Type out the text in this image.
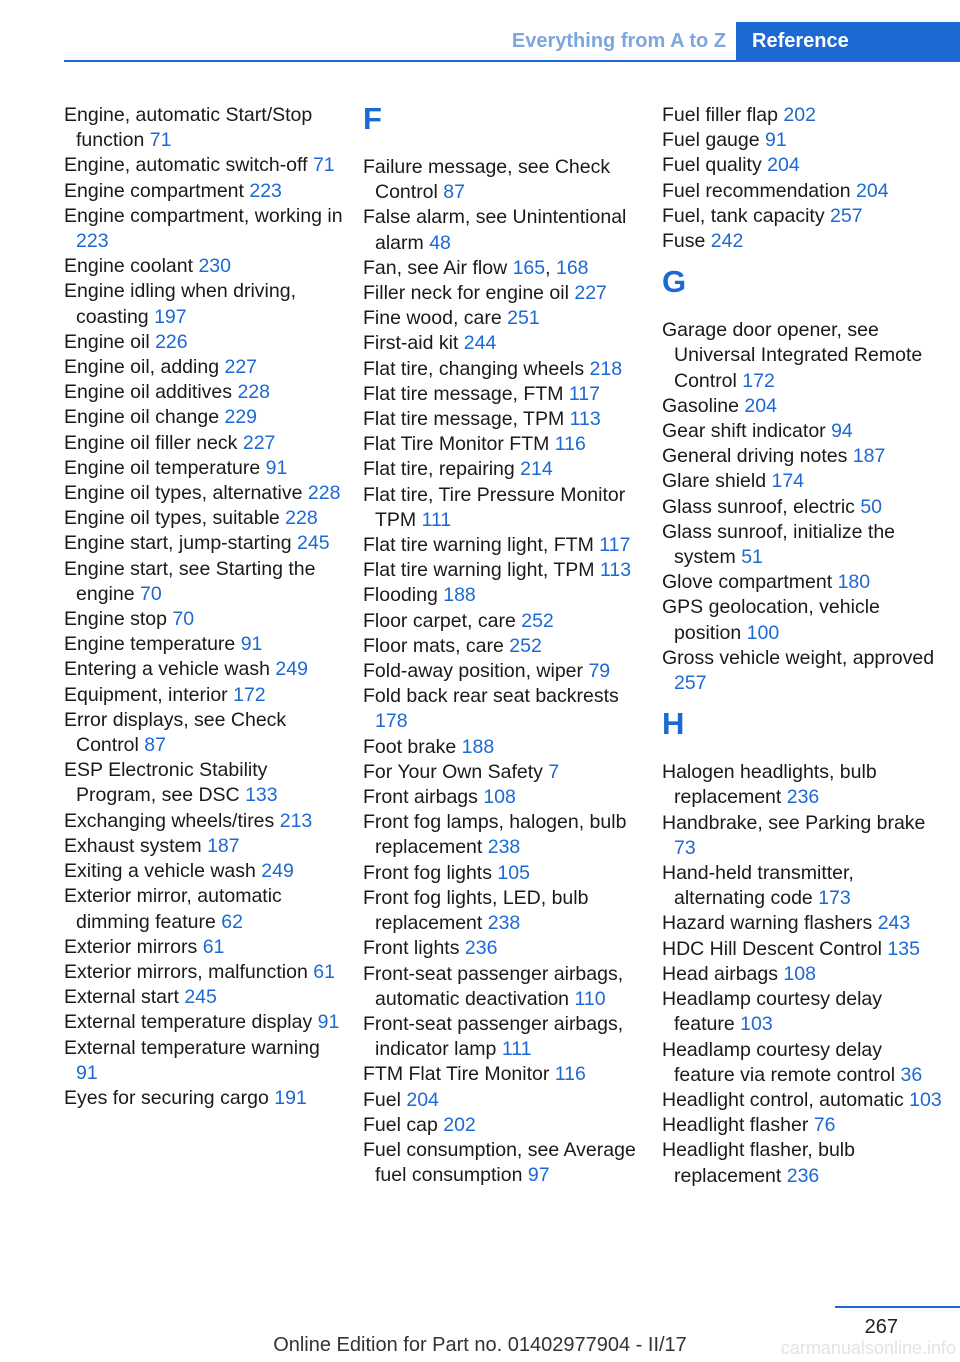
Everything from A to Z	Reference
Engine, automatic Start/Stop function 71
Engine, automatic switch-off 71
Engine compartment 223
Engine compartment, working in 223
Engine coolant 230
Engine idling when driving, coasting 197
Engine oil 226
Engine oil, adding 227
Engine oil additives 228
Engine oil change 229
Engine oil filler neck 227
Engine oil temperature 91
Engine oil types, alternative 228
Engine oil types, suitable 228
Engine start, jump-starting 245
Engine start, see Starting the engine 70
Engine stop 70
Engine temperature 91
Entering a vehicle wash 249
Equipment, interior 172
Error displays, see Check Control 87
ESP Electronic Stability Program, see DSC 133
Exchanging wheels/tires 213
Exhaust system 187
Exiting a vehicle wash 249
Exterior mirror, automatic dimming feature 62
Exterior mirrors 61
Exterior mirrors, malfunction 61
External start 245
External temperature display 91
External temperature warning 91
Eyes for securing cargo 191
F
Failure message, see Check Control 87
False alarm, see Unintentional alarm 48
Fan, see Air flow 165, 168
Filler neck for engine oil 227
Fine wood, care 251
First-aid kit 244
Flat tire, changing wheels 218
Flat tire message, FTM 117
Flat tire message, TPM 113
Flat Tire Monitor FTM 116
Flat tire, repairing 214
Flat tire, Tire Pressure Monitor TPM 111
Flat tire warning light, FTM 117
Flat tire warning light, TPM 113
Flooding 188
Floor carpet, care 252
Floor mats, care 252
Fold-away position, wiper 79
Fold back rear seat backrests 178
Foot brake 188
For Your Own Safety 7
Front airbags 108
Front fog lamps, halogen, bulb replacement 238
Front fog lights 105
Front fog lights, LED, bulb replacement 238
Front lights 236
Front-seat passenger airbags, automatic deactivation 110
Front-seat passenger airbags, indicator lamp 111
FTM Flat Tire Monitor 116
Fuel 204
Fuel cap 202
Fuel consumption, see Average fuel consumption 97
Fuel filler flap 202
Fuel gauge 91
Fuel quality 204
Fuel recommendation 204
Fuel, tank capacity 257
Fuse 242
G
Garage door opener, see Universal Integrated Remote Control 172
Gasoline 204
Gear shift indicator 94
General driving notes 187
Glare shield 174
Glass sunroof, electric 50
Glass sunroof, initialize the system 51
Glove compartment 180
GPS geolocation, vehicle position 100
Gross vehicle weight, approved 257
H
Halogen headlights, bulb replacement 236
Handbrake, see Parking brake 73
Hand-held transmitter, alternating code 173
Hazard warning flashers 243
HDC Hill Descent Control 135
Head airbags 108
Headlamp courtesy delay feature 103
Headlamp courtesy delay feature via remote control 36
Headlight control, automatic 103
Headlight flasher 76
Headlight flasher, bulb replacement 236
267
Online Edition for Part no. 01402977904 - II/17	carmanualsonline.info
